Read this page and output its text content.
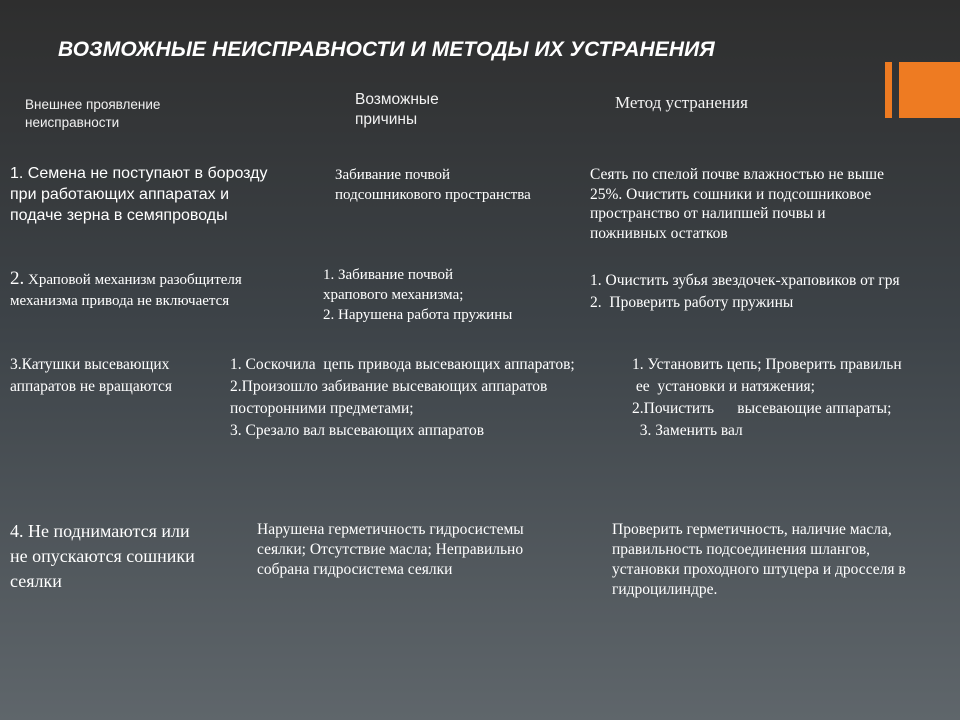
ВОЗМОЖНЫЕ НЕИСПРАВНОСТИ И МЕТОДЫ ИХ УСТРАНЕНИЯ
Внешнее проявление
неисправности
Возможные
причины
Метод устранения
1. Семена не поступают в борозду
при работающих аппаратах и
подаче зерна в семяпроводы
Забивание почвой
подсошникового пространства
Сеять по спелой почве влажностью не выше
25%. Очистить сошники и подсошниковое
пространство от налипшей почвы и
пожнивных остатков
2. Храповой механизм разобщителя
механизма привода не включается
1. Забивание почвой
храпового механизма;
2. Нарушена работа пружины
1. Очистить зубья звездочек-храповиков от гря
2.  Проверить работу пружины
3.Катушки высевающих
аппаратов не вращаются
1. Соскочила  цепь привода высевающих аппаратов;
2.Произошло забивание высевающих аппаратов
посторонними предметами;
3. Срезало вал высевающих аппаратов
1. Установить цепь; Проверить правильн
ее  установки и натяжения;
2.Почистить      высевающие аппараты;
3. Заменить вал
4. Не поднимаются или
не опускаются сошники
сеялки
Нарушена герметичность гидросистемы
сеялки; Отсутствие масла; Неправильно
собрана гидросистема сеялки
Проверить герметичность, наличие масла,
правильность подсоединения шлангов,
установки проходного штуцера и дросселя в
гидроцилиндре.
